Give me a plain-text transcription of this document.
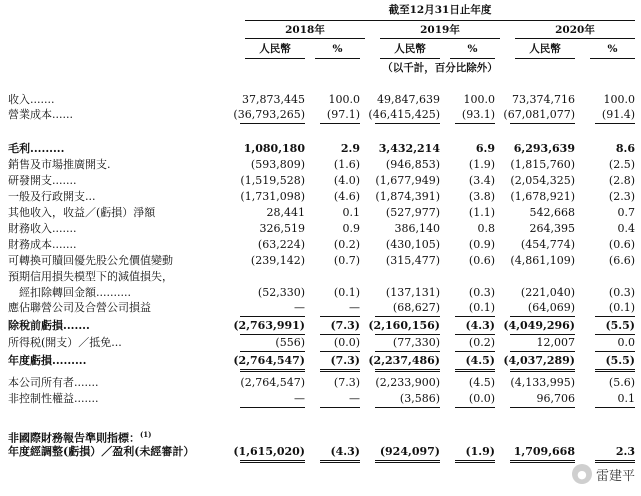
截至12月31日止年度
2018年	2019年	2020年
人民幣	%	人民幣	%	人民幣	%
（以千計，百分比除外）
收入.......	37,873,445	100.0	49,847,639	100.0	73,374,716	100.0
營業成本......	(36,793,265)	(97.1) (46,415,425)	(93.1) (67,081,077)	(91.4)
毛利.........	1,080,180	2.9	3,432,214	6.9	6,293,639	8.6
銷售及市場推廣開支.	(593,809)	(1.6)	(946,853)	(1.9)	(1,815,760)	(2.5)
研發開支.......	(1,519,528)	(4.0)	(1,677,949)	(3.4)	(2,054,325)	(2.8)
一般及行政開支...	(1,731,098)	(4.6)	(1,874,391)	(3.8)	(1,678,921)	(2.3)
其他收入，收益／(虧損）淨額	28,441	0.1	(527,977)	(1.1)	542,668	0.7
財務收入.......	326,519	0.9	386,140	0.8	264,395	0.4
財務成本.......	(63,224)	(0.2)	(430,105)	(0.9)	(454,774)	(0.6)
可轉換可贖回優先股公允價值變動	(239,142)	(0.7)	(315,477)	(0.6)	(4,861,109)	(6.6)
預期信用損失模型下的減值損失，
　經扣除轉回金額..........	(52,330)	(0.1)	(137,131)	(0.3)	(221,040)	(0.3)
應佔聯營公司及合營公司損益	—	—	(68,627)	(0.1)	(64,069)	(0.1)
除稅前虧損.......	(2,763,991)	(7.3) (2,160,156)	(4.3) (4,049,296)	(5.5)
所得税(開支）／抵免...	(556)	(0.0)	(77,330)	(0.2)	12,007	0.0
年度虧損.........	(2,764,547)	(7.3) (2,237,486)	(4.5) (4,037,289)	(5.5)
本公司所有者.......	(2,764,547)	(7.3)	(2,233,900)	(4.5)	(4,133,995)	(5.6)
非控制性權益.......	—	—	(3,586)	(0.0)	96,706	0.1
非國際財務報告準則指標：$^{(1)}$
年度經調整(虧損）／盈利(未經審計）	(1,615,020)	(4.3)	(924,097)	(1.9)	1,709,668	2.3
● 雷建平
